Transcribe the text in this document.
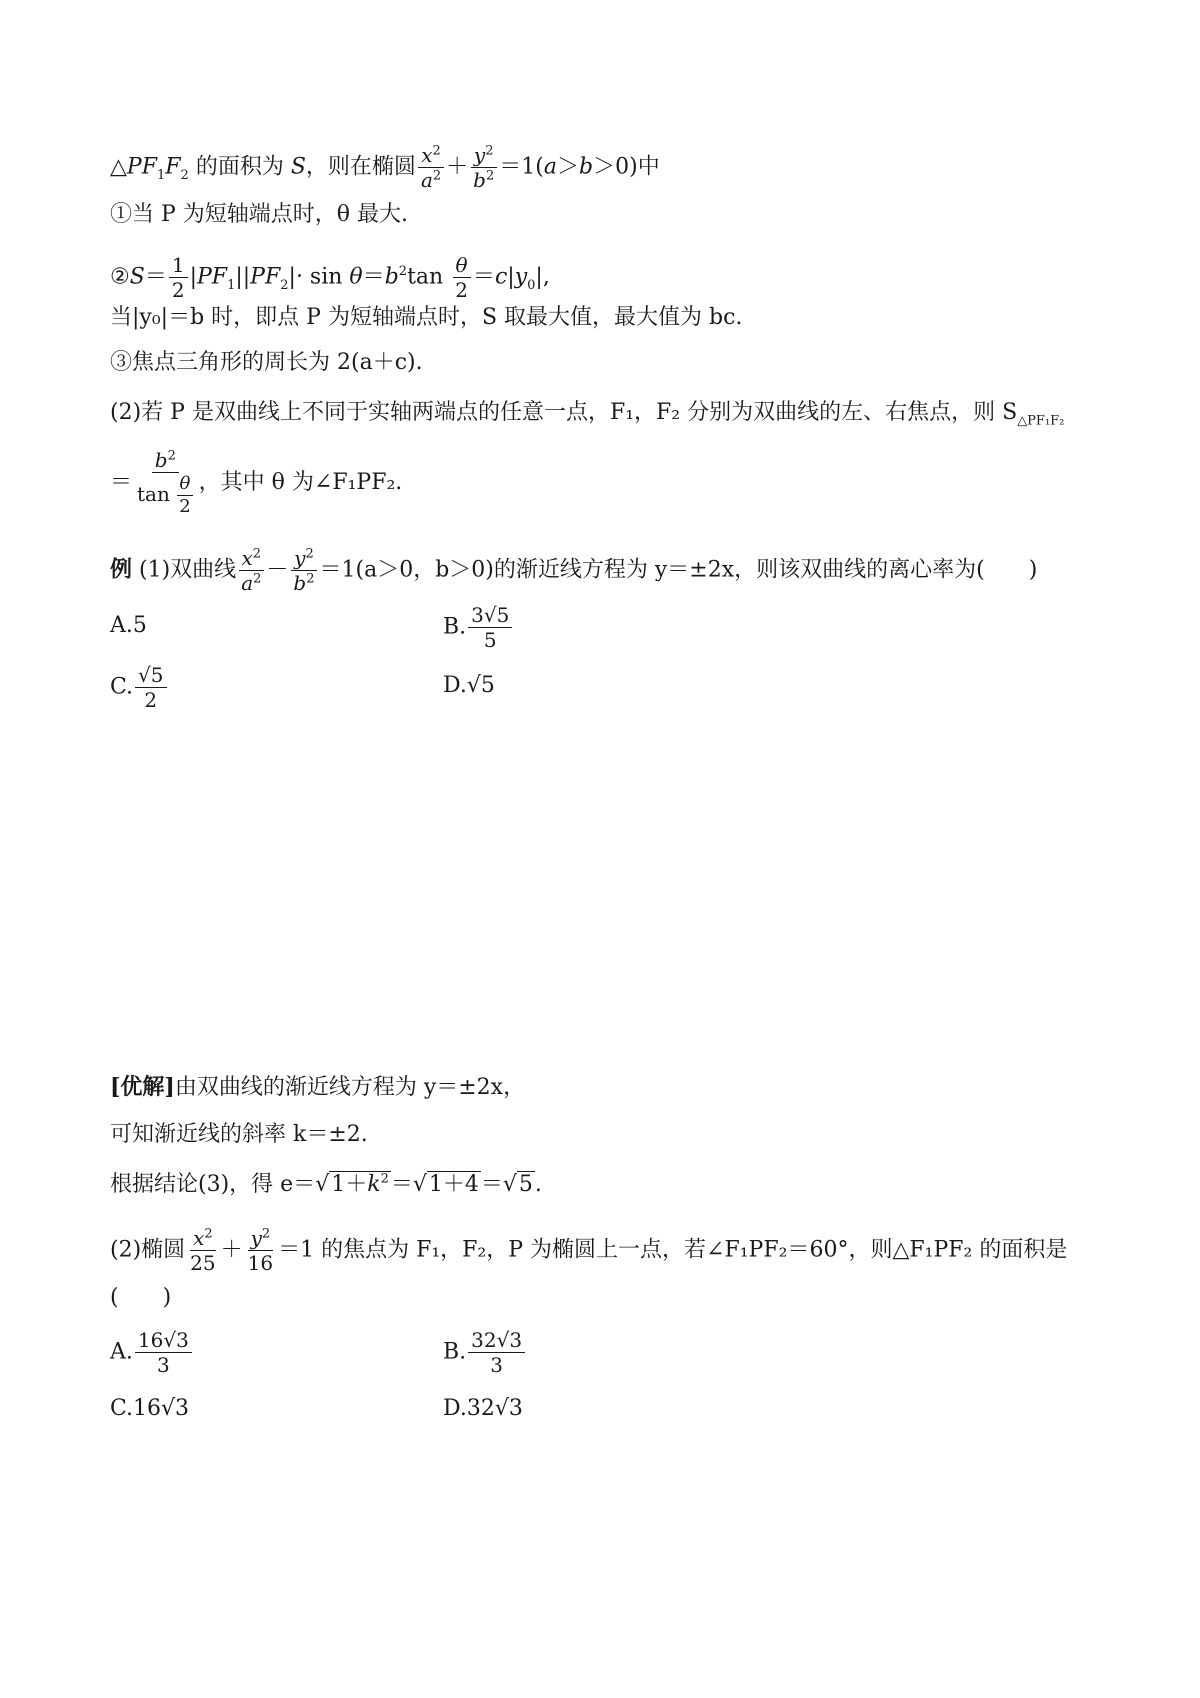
$\triangle PF_1F_2$ 的面积为 S，则在椭圆 $\frac{x^2}{a^2} + \frac{y^2}{b^2} =1(a>b>0)$中
①当 P 为短轴端点时，θ 最大.
②S＝ $\frac{1}{2} |PF_1||PF_2|\cdot \sin \theta=b^2\tan \frac{\theta}{2} =c|y_0|$,
当|y₀|＝b 时，即点 P 为短轴端点时，S 取最大值，最大值为 bc.
③焦点三角形的周长为 2(a＋c).
(2)若 P 是双曲线上不同于实轴两端点的任意一点，F₁，F₂ 分别为双曲线的左、右焦点，则 $S_{\triangle PF_1F_2}$
＝ $\frac{b^2}{\tan \frac{\theta}{2}}$ ，其中 θ 为∠F₁PF₂.
例 (1)双曲线 $\frac{x^2}{a^2} - \frac{y^2}{b^2} =1(a>0$，b＞0)的渐近线方程为 y＝±2x，则该双曲线的离心率为(　　)
A.5	B. $\frac{3√5}{5}$
C. $\frac{√5}{2}$	D.√5
[优解]由双曲线的渐近线方程为 y＝±2x，
可知渐近线的斜率 k＝±2.
根据结论(3)，得 $e=√1+k^2=√1+4=√5$.
(2)椭圆 $\frac{x^2}{25} + \frac{y^2}{16} =1$ 的焦点为 F₁，F₂，P 为椭圆上一点，若∠F₁PF₂＝60°，则△F₁PF₂ 的面积是
(　　)
A. $\frac{16√3}{3}$	B. $\frac{32√3}{3}$
C.16√3	D.32√3
